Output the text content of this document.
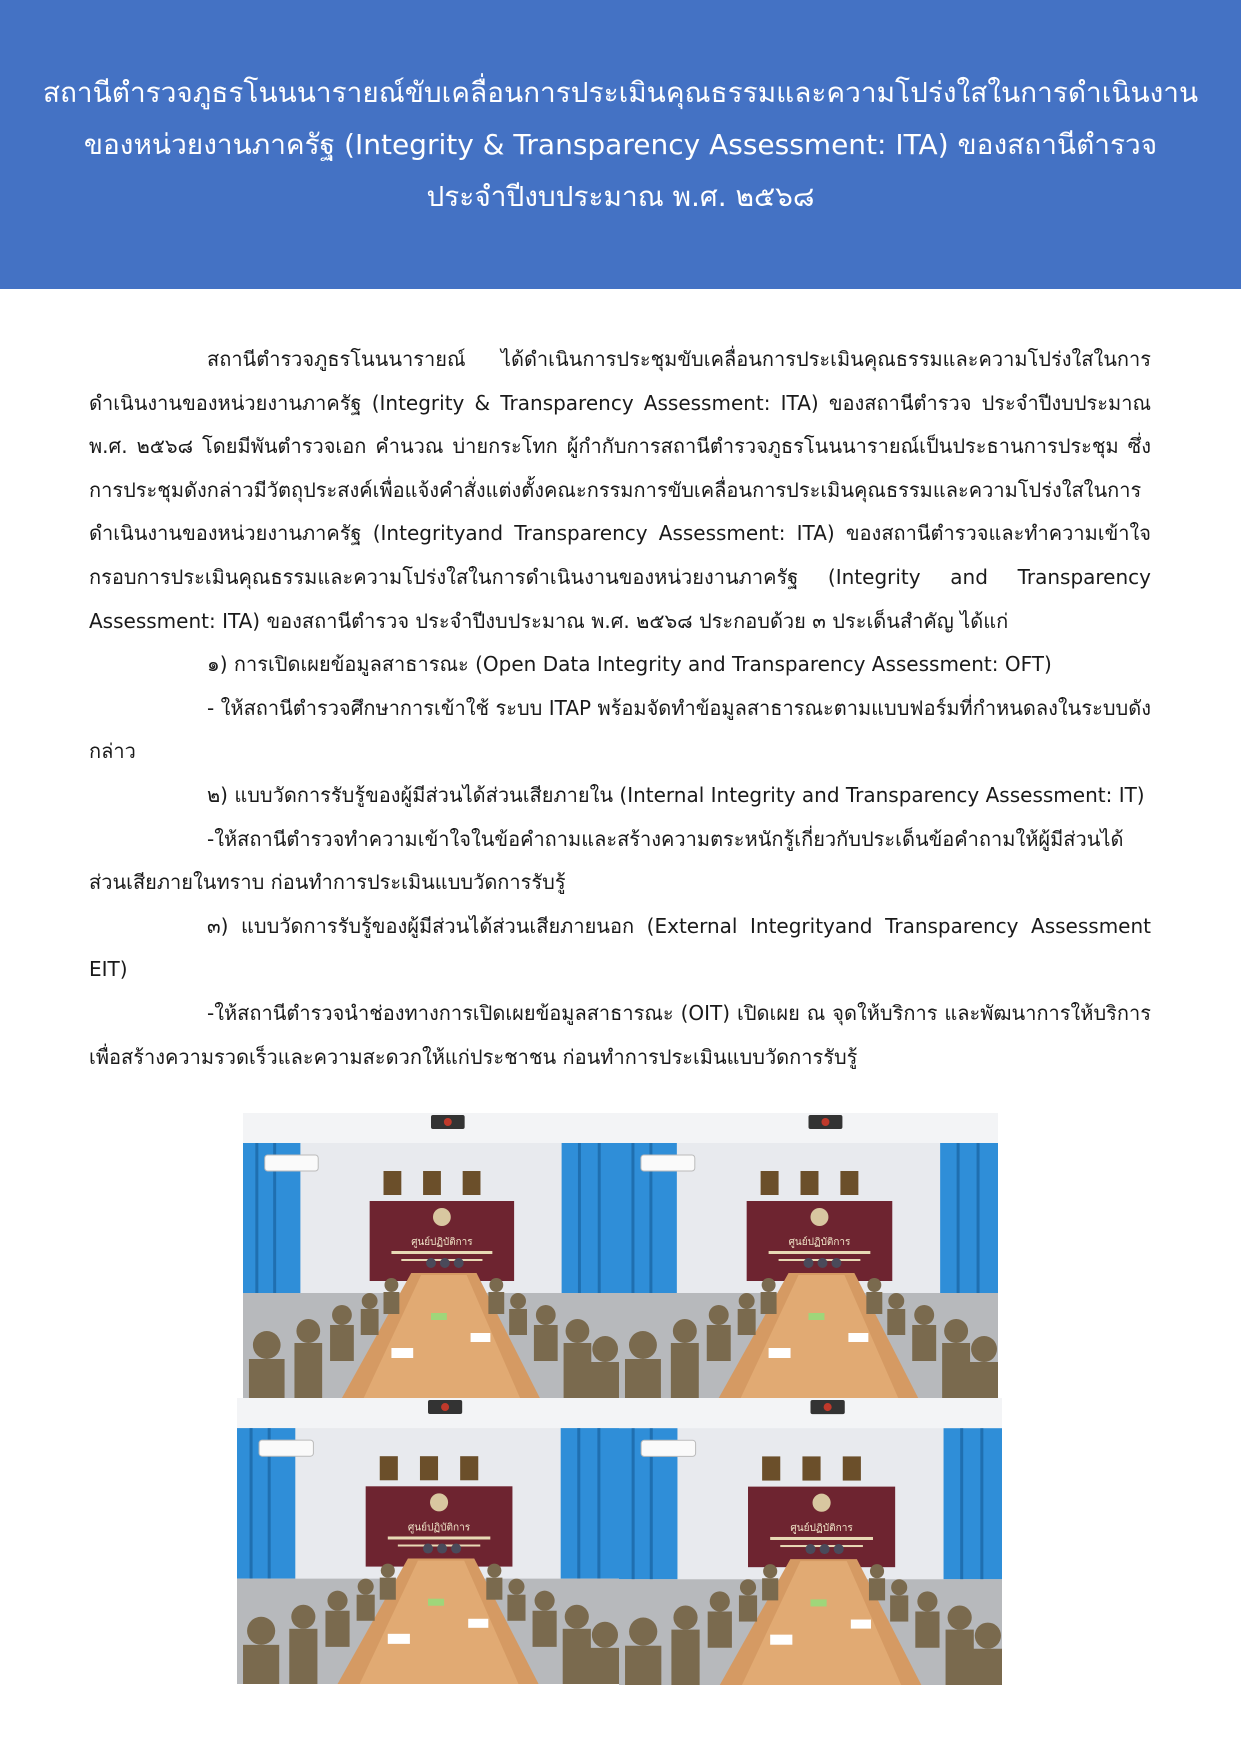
สถานีตำรวจภูธรโนนนารายณ์ขับเคลื่อนการประเมินคุณธรรมและความโปร่งใสในการดำเนินงาน
ของหน่วยงานภาครัฐ (Integrity & Transparency Assessment: ITA) ของสถานีตำรวจ
ประจำปีงบประมาณ พ.ศ. ๒๕๖๘

สถานีตำรวจภูธรโนนนารายณ์ ได้ดำเนินการประชุมขับเคลื่อนการประเมินคุณธรรมและความโปร่งใสในการดำเนินงานของหน่วยงานภาครัฐ (Integrity & Transparency Assessment: ITA) ของสถานีตำรวจ ประจำปีงบประมาณ พ.ศ. ๒๕๖๘ โดยมีพันตำรวจเอก คำนวณ บ่ายกระโทก ผู้กำกับการสถานีตำรวจภูธรโนนนารายณ์เป็นประธานการประชุม ซึ่งการประชุมดังกล่าวมีวัตถุประสงค์เพื่อแจ้งคำสั่งแต่งตั้งคณะกรรมการขับเคลื่อนการประเมินคุณธรรมและความโปร่งใสในการดำเนินงานของหน่วยงานภาครัฐ (Integrityand Transparency Assessment: ITA) ของสถานีตำรวจและทำความเข้าใจ กรอบการประเมินคุณธรรมและความโปร่งใสในการดำเนินงานของหน่วยงานภาครัฐ (Integrity and Transparency Assessment: ITA) ของสถานีตำรวจ ประจำปีงบประมาณ พ.ศ. ๒๕๖๘ ประกอบด้วย ๓ ประเด็นสำคัญ ได้แก่

๑) การเปิดเผยข้อมูลสาธารณะ (Open Data Integrity and Transparency Assessment: OFT)

- ให้สถานีตำรวจศึกษาการเข้าใช้ ระบบ ITAP พร้อมจัดทำข้อมูลสาธารณะตามแบบฟอร์มที่กำหนดลงในระบบดังกล่าว

๒) แบบวัดการรับรู้ของผู้มีส่วนได้ส่วนเสียภายใน (Internal Integrity and Transparency Assessment: IT)

-ให้สถานีตำรวจทำความเข้าใจในข้อคำถามและสร้างความตระหนักรู้เกี่ยวกับประเด็นข้อคำถามให้ผู้มีส่วนได้ส่วนเสียภายในทราบ ก่อนทำการประเมินแบบวัดการรับรู้

๓) แบบวัดการรับรู้ของผู้มีส่วนได้ส่วนเสียภายนอก (External Integrityand Transparency Assessment EIT)

-ให้สถานีตำรวจนำช่องทางการเปิดเผยข้อมูลสาธารณะ (OIT) เปิดเผย ณ จุดให้บริการ และพัฒนาการให้บริการเพื่อสร้างความรวดเร็วและความสะดวกให้แก่ประชาชน ก่อนทำการประเมินแบบวัดการรับรู้

ศูนย์ปฏิบัติการ	ศูนย์ปฏิบัติการ
ศูนย์ปฏิบัติการ	ศูนย์ปฏิบัติการ
